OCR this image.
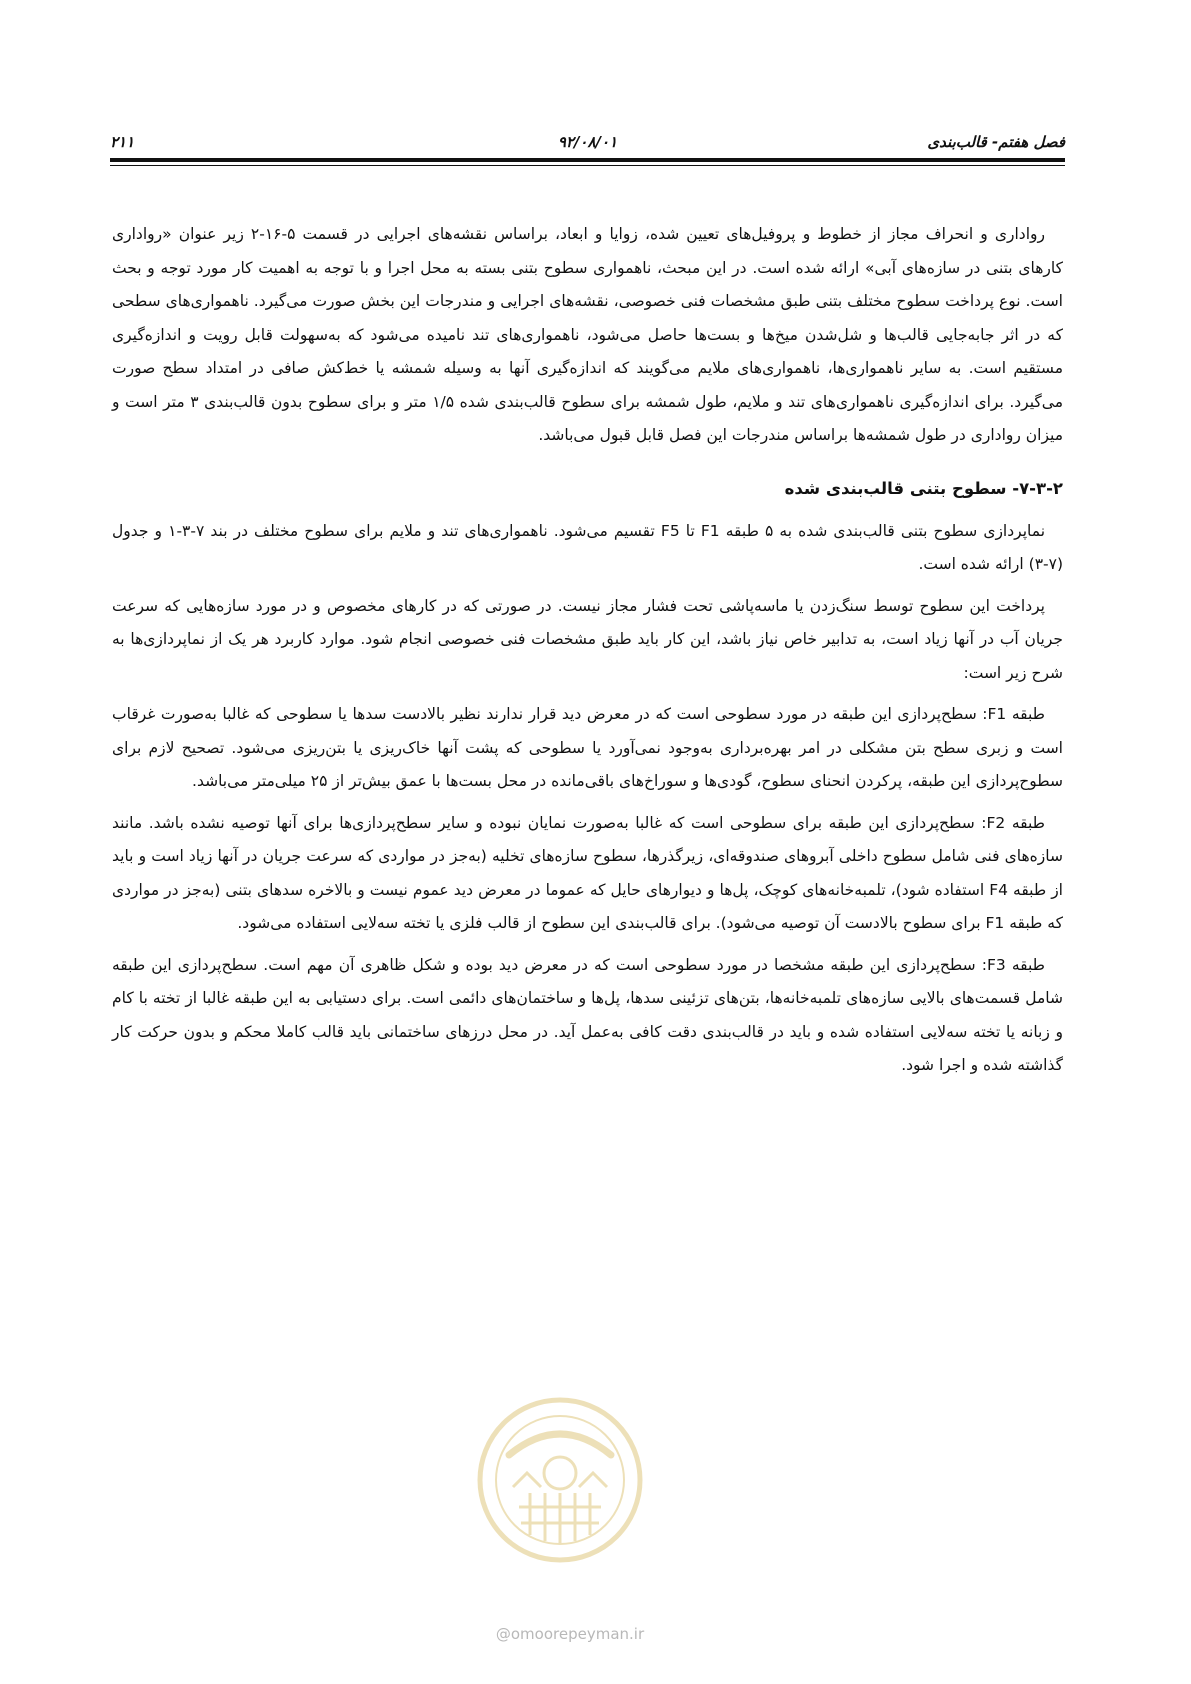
فصل هفتم- قالب‌بندی
۹۲/۰۸/۰۱
۲۱۱

رواداری و انحراف مجاز از خطوط و پروفیل‌های تعیین شده، زوایا و ابعاد، براساس نقشه‌های اجرایی در قسمت ۵-۱۶-۲ زیر عنوان «رواداری کارهای بتنی در سازه‌های آبی» ارائه شده است. در این مبحث، ناهمواری سطوح بتنی بسته به محل اجرا و با توجه به اهمیت کار مورد توجه و بحث است. نوع پرداخت سطوح مختلف بتنی طبق مشخصات فنی خصوصی، نقشه‌های اجرایی و مندرجات این بخش صورت می‌گیرد. ناهمواری‌های سطحی که در اثر جابه‌جایی قالب‌ها و شل‌شدن میخ‌ها و بست‌ها حاصل می‌شود، ناهمواری‌های تند نامیده می‌شود که به‌سهولت قابل رویت و اندازه‌گیری مستقیم است. به سایر ناهمواری‌ها، ناهمواری‌های ملایم می‌گویند که اندازه‌گیری آنها به وسیله شمشه یا خط‌کش صافی در امتداد سطح صورت می‌گیرد. برای اندازه‌گیری ناهمواری‌های تند و ملایم، طول شمشه برای سطوح قالب‌بندی شده ۱/۵ متر و برای سطوح بدون قالب‌بندی ۳ متر است و میزان رواداری در طول شمشه‌ها براساس مندرجات این فصل قابل قبول می‌باشد.

۷-۳-۲- سطوح بتنی قالب‌بندی شده

نماپردازی سطوح بتنی قالب‌بندی شده به ۵ طبقه F1 تا F5 تقسیم می‌شود. ناهمواری‌های تند و ملایم برای سطوح مختلف در بند ۷-۳-۱ و جدول (۷-۳) ارائه شده است.

پرداخت این سطوح توسط سنگ‌زدن یا ماسه‌پاشی تحت فشار مجاز نیست. در صورتی که در کارهای مخصوص و در مورد سازه‌هایی که سرعت جریان آب در آنها زیاد است، به تدابیر خاص نیاز باشد، این کار باید طبق مشخصات فنی خصوصی انجام شود. موارد کاربرد هر یک از نماپردازی‌ها به شرح زیر است:

طبقه F1: سطح‌پردازی این طبقه در مورد سطوحی است که در معرض دید قرار ندارند نظیر بالادست سدها یا سطوحی که غالبا به‌صورت غرقاب است و زبری سطح بتن مشکلی در امر بهره‌برداری به‌وجود نمی‌آورد یا سطوحی که پشت آنها خاک‌ریزی یا بتن‌ریزی می‌شود. تصحیح لازم برای سطوح‌پردازی این طبقه، پرکردن انحنای سطوح، گودی‌ها و سوراخ‌های باقی‌مانده در محل بست‌ها با عمق بیش‌تر از ۲۵ میلی‌متر می‌باشد.

طبقه F2: سطح‌پردازی این طبقه برای سطوحی است که غالبا به‌صورت نمایان نبوده و سایر سطح‌پردازی‌ها برای آنها توصیه نشده باشد. مانند سازه‌های فنی شامل سطوح داخلی آبروهای صندوقه‌ای، زیرگذرها، سطوح سازه‌های تخلیه (به‌جز در مواردی که سرعت جریان در آنها زیاد است و باید از طبقه F4 استفاده شود)، تلمبه‌خانه‌های کوچک، پل‌ها و دیوارهای حایل که عموما در معرض دید عموم نیست و بالاخره سدهای بتنی (به‌جز در مواردی که طبقه F1 برای سطوح بالادست آن توصیه می‌شود). برای قالب‌بندی این سطوح از قالب فلزی یا تخته سه‌لایی استفاده می‌شود.

طبقه F3: سطح‌پردازی این طبقه مشخصا در مورد سطوحی است که در معرض دید بوده و شکل ظاهری آن مهم است. سطح‌پردازی این طبقه شامل قسمت‌های بالایی سازه‌های تلمبه‌خانه‌ها، بتن‌های تزئینی سدها، پل‌ها و ساختمان‌های دائمی است. برای دستیابی به این طبقه غالبا از تخته با کام و زبانه یا تخته سه‌لایی استفاده شده و باید در قالب‌بندی دقت کافی به‌عمل آید. در محل درزهای ساختمانی باید قالب کاملا محکم و بدون حرکت کار گذاشته شده و اجرا شود.

@omoorepeyman.ir
